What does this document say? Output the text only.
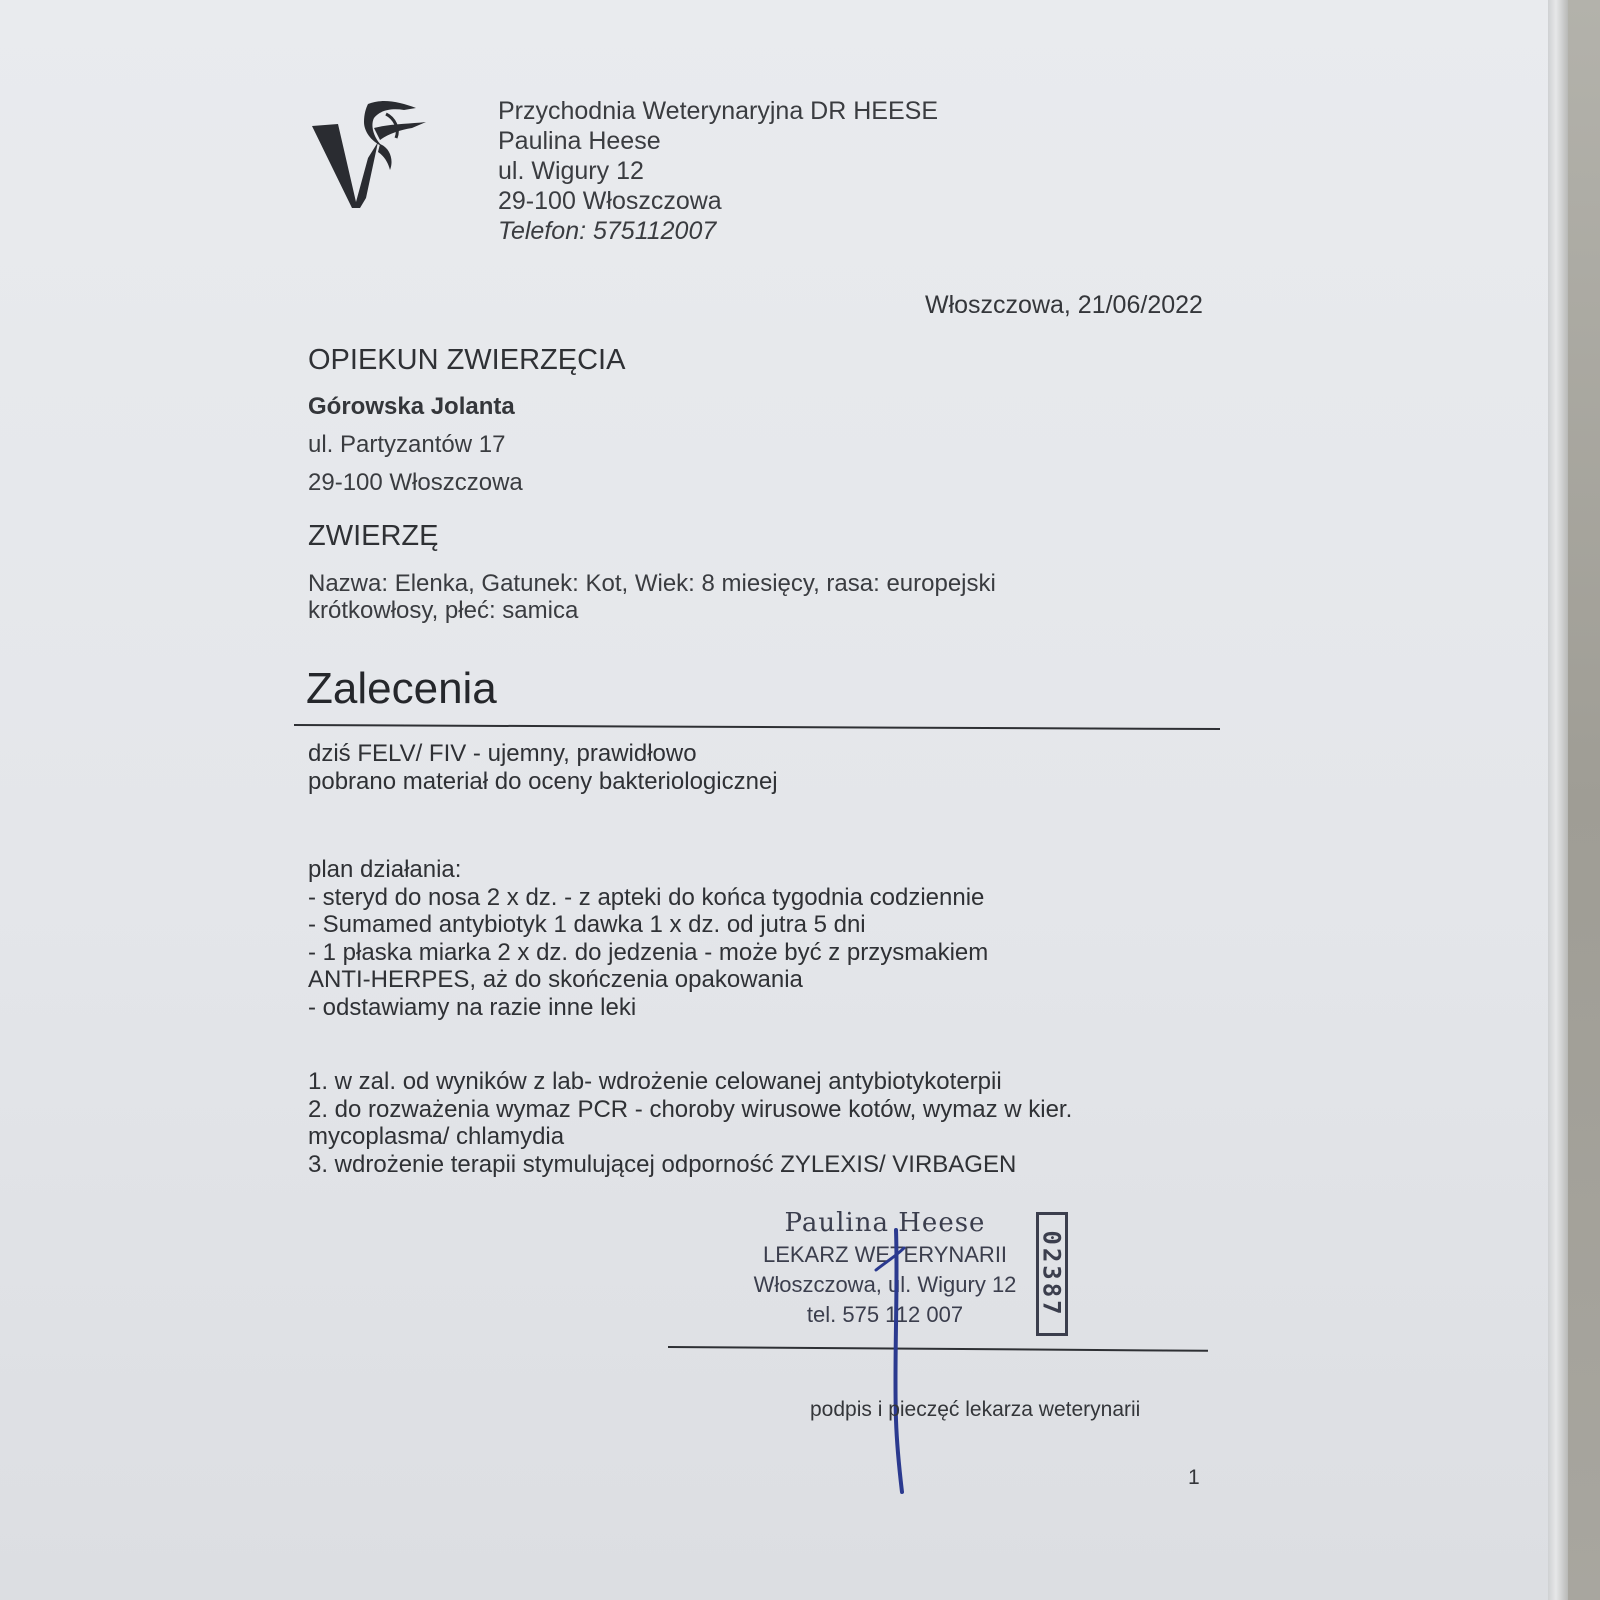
Przychodnia Weterynaryjna DR HEESE
Paulina Heese
ul. Wigury 12
29-100 Włoszczowa
Telefon: 575112007
Włoszczowa, 21/06/2022
OPIEKUN ZWIERZĘCIA
Górowska Jolanta
ul. Partyzantów 17
29-100 Włoszczowa
ZWIERZĘ
Nazwa: Elenka, Gatunek: Kot, Wiek: 8 miesięcy, rasa: europejski krótkowłosy, płeć: samica
Zalecenia
dziś FELV/ FIV - ujemny, prawidłowo
pobrano materiał do oceny bakteriologicznej
plan działania:
- steryd do nosa 2 x dz. - z apteki do końca tygodnia codziennie
- Sumamed antybiotyk 1 dawka 1 x dz. od jutra 5 dni
- 1 płaska miarka 2 x dz. do jedzenia - może być z przysmakiem
ANTI-HERPES, aż do skończenia opakowania
- odstawiamy na razie inne leki
1. w zal. od wyników z lab- wdrożenie celowanej antybiotykoterpii
2. do rozważenia wymaz PCR - choroby wirusowe kotów, wymaz w kier.
mycoplasma/ chlamydia
3. wdrożenie terapii stymulującej odporność ZYLEXIS/ VIRBAGEN
Paulina Heese
LEKARZ WETERYNARII
Włoszczowa, ul. Wigury 12
tel. 575 112 007	02387
podpis i pieczęć lekarza weterynarii
1
